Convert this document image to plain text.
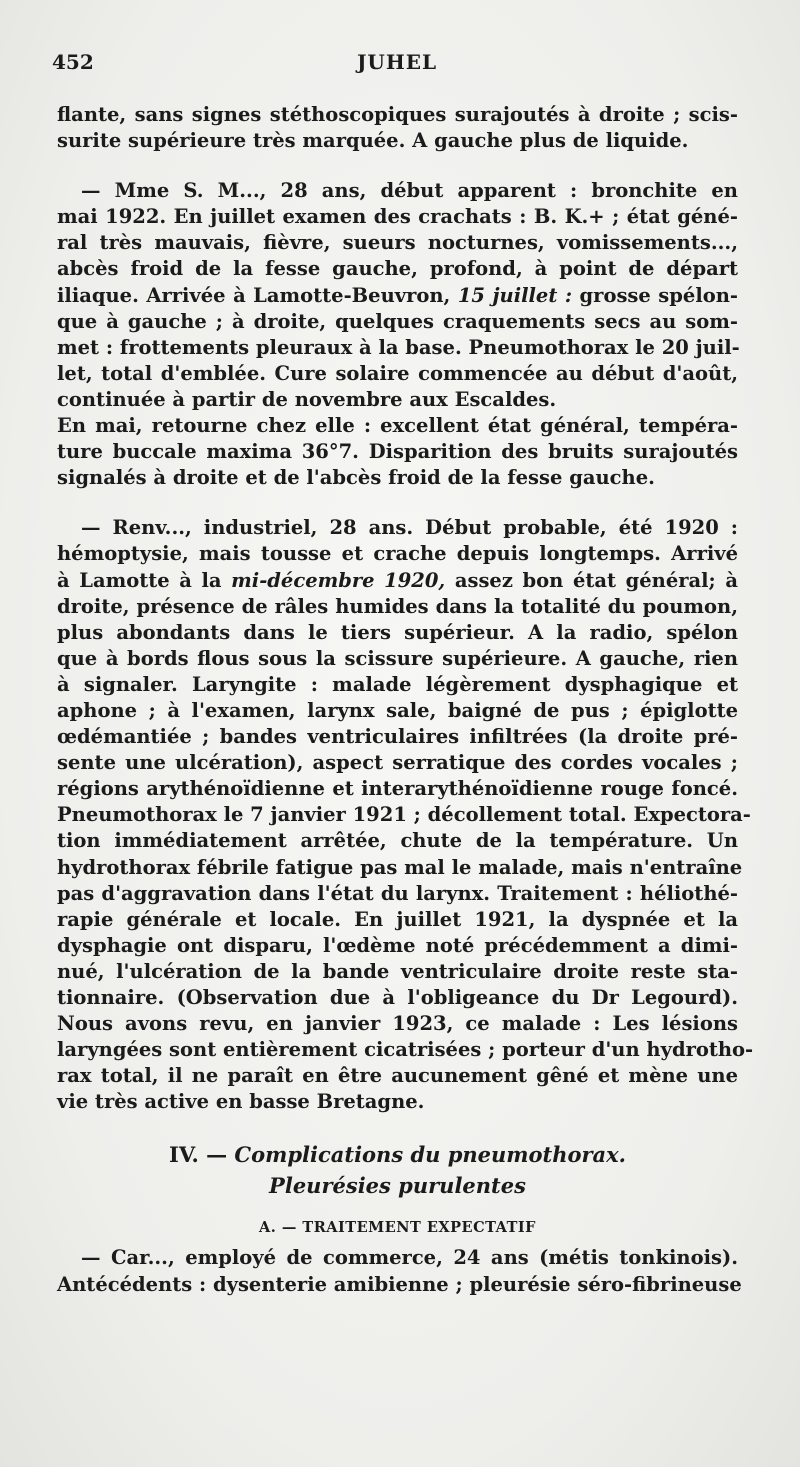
452	JUHEL
flante, sans signes stéthoscopiques surajoutés à droite ; scis-
surite supérieure très marquée. A gauche plus de liquide.
— Mme S. M..., 28 ans, début apparent : bronchite en
mai 1922. En juillet examen des crachats : B. K.+ ; état géné-
ral très mauvais, fièvre, sueurs nocturnes, vomissements...,
abcès froid de la fesse gauche, profond, à point de départ
iliaque. Arrivée à Lamotte-Beuvron, 15 juillet : grosse spélon-
que à gauche ; à droite, quelques craquements secs au som-
met : frottements pleuraux à la base. Pneumothorax le 20 juil-
let, total d'emblée. Cure solaire commencée au début d'août,
continuée à partir de novembre aux Escaldes.
En mai, retourne chez elle : excellent état général, tempéra-
ture buccale maxima 36°7. Disparition des bruits surajoutés
signalés à droite et de l'abcès froid de la fesse gauche.
— Renv..., industriel, 28 ans. Début probable, été 1920 :
hémoptysie, mais tousse et crache depuis longtemps. Arrivé
à Lamotte à la mi-décembre 1920, assez bon état général; à
droite, présence de râles humides dans la totalité du poumon,
plus abondants dans le tiers supérieur. A la radio, spélon
que à bords flous sous la scissure supérieure. A gauche, rien
à signaler. Laryngite : malade légèrement dysphagique et
aphone ; à l'examen, larynx sale, baigné de pus ; épiglotte
œdémantiée ; bandes ventriculaires infiltrées (la droite pré-
sente une ulcération), aspect serratique des cordes vocales ;
régions arythénoïdienne et interarythénoïdienne rouge foncé.
Pneumothorax le 7 janvier 1921 ; décollement total. Expectora-
tion immédiatement arrêtée, chute de la température. Un
hydrothorax fébrile fatigue pas mal le malade, mais n'entraîne
pas d'aggravation dans l'état du larynx. Traitement : héliothé-
rapie générale et locale. En juillet 1921, la dyspnée et la
dysphagie ont disparu, l'œdème noté précédemment a dimi-
nué, l'ulcération de la bande ventriculaire droite reste sta-
tionnaire. (Observation due à l'obligeance du Dr Legourd).
Nous avons revu, en janvier 1923, ce malade : Les lésions
laryngées sont entièrement cicatrisées ; porteur d'un hydrotho-
rax total, il ne paraît en être aucunement gêné et mène une
vie très active en basse Bretagne.
IV. — Complications du pneumothorax.
Pleurésies purulentes
A. — TRAITEMENT EXPECTATIF
— Car..., employé de commerce, 24 ans (métis tonkinois).
Antécédents : dysenterie amibienne ; pleurésie séro-fibrineuse
